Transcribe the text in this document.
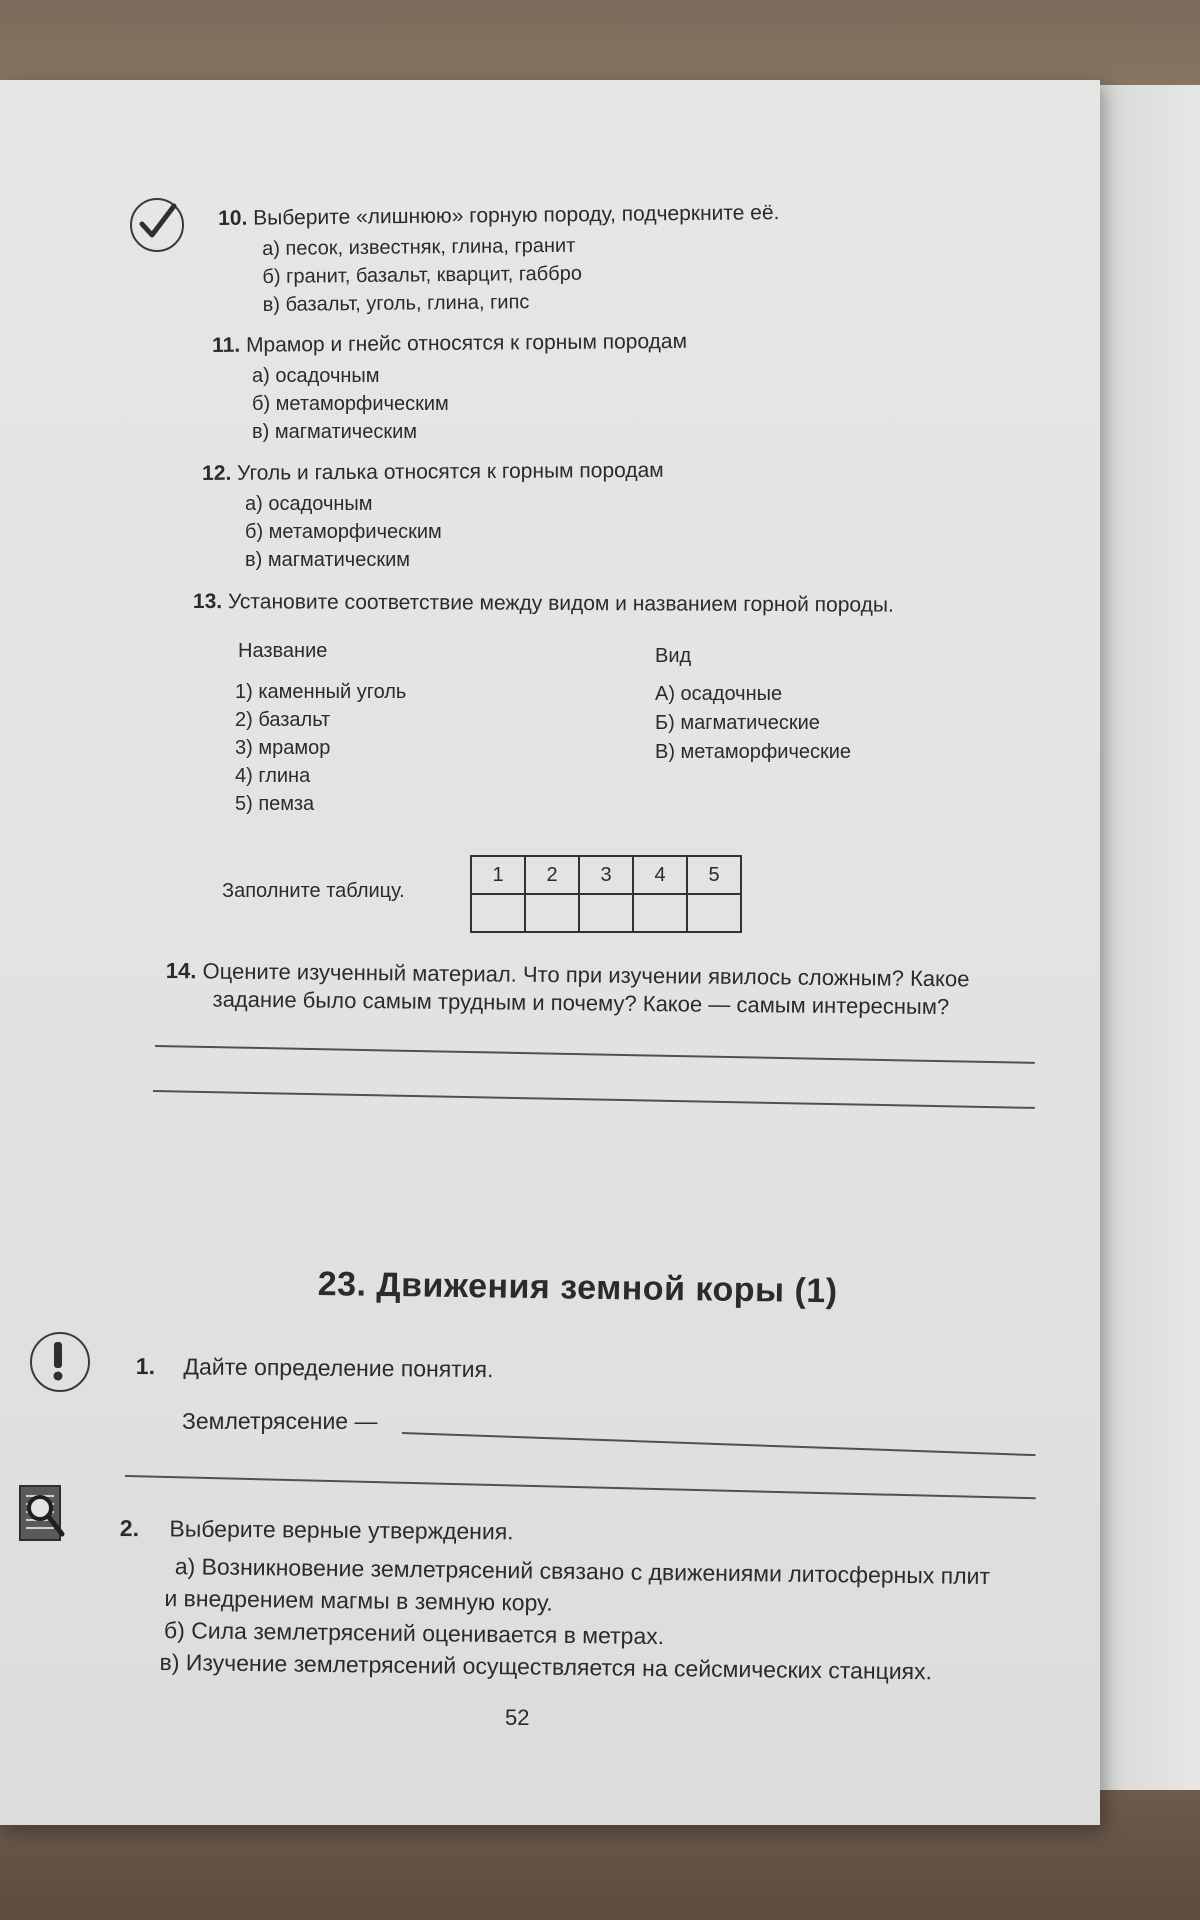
10. Выберите «лишнюю» горную породу, подчеркните её.
а) песок, известняк, глина, гранит
б) гранит, базальт, кварцит, габбро
в) базальт, уголь, глина, гипс
11. Мрамор и гнейс относятся к горным породам
а) осадочным
б) метаморфическим
в) магматическим
12. Уголь и галька относятся к горным породам
а) осадочным
б) метаморфическим
в) магматическим
13. Установите соответствие между видом и названием горной породы.
Название	Вид
1) каменный уголь
2) базальт
3) мрамор
4) глина
5) пемза
А) осадочные
Б) магматические
В) метаморфические
Заполните таблицу.
1	2	3	4	5

14. Оцените изученный материал. Что при изучении явилось сложным? Какое
задание было самым трудным и почему? Какое — самым интересным?
23. Движения земной коры (1)
1. Дайте определение понятия.
Землетрясение —
2. Выберите верные утверждения.
а) Возникновение землетрясений связано с движениями литосферных плит
и внедрением магмы в земную кору.
б) Сила землетрясений оценивается в метрах.
в) Изучение землетрясений осуществляется на сейсмических станциях.
52
